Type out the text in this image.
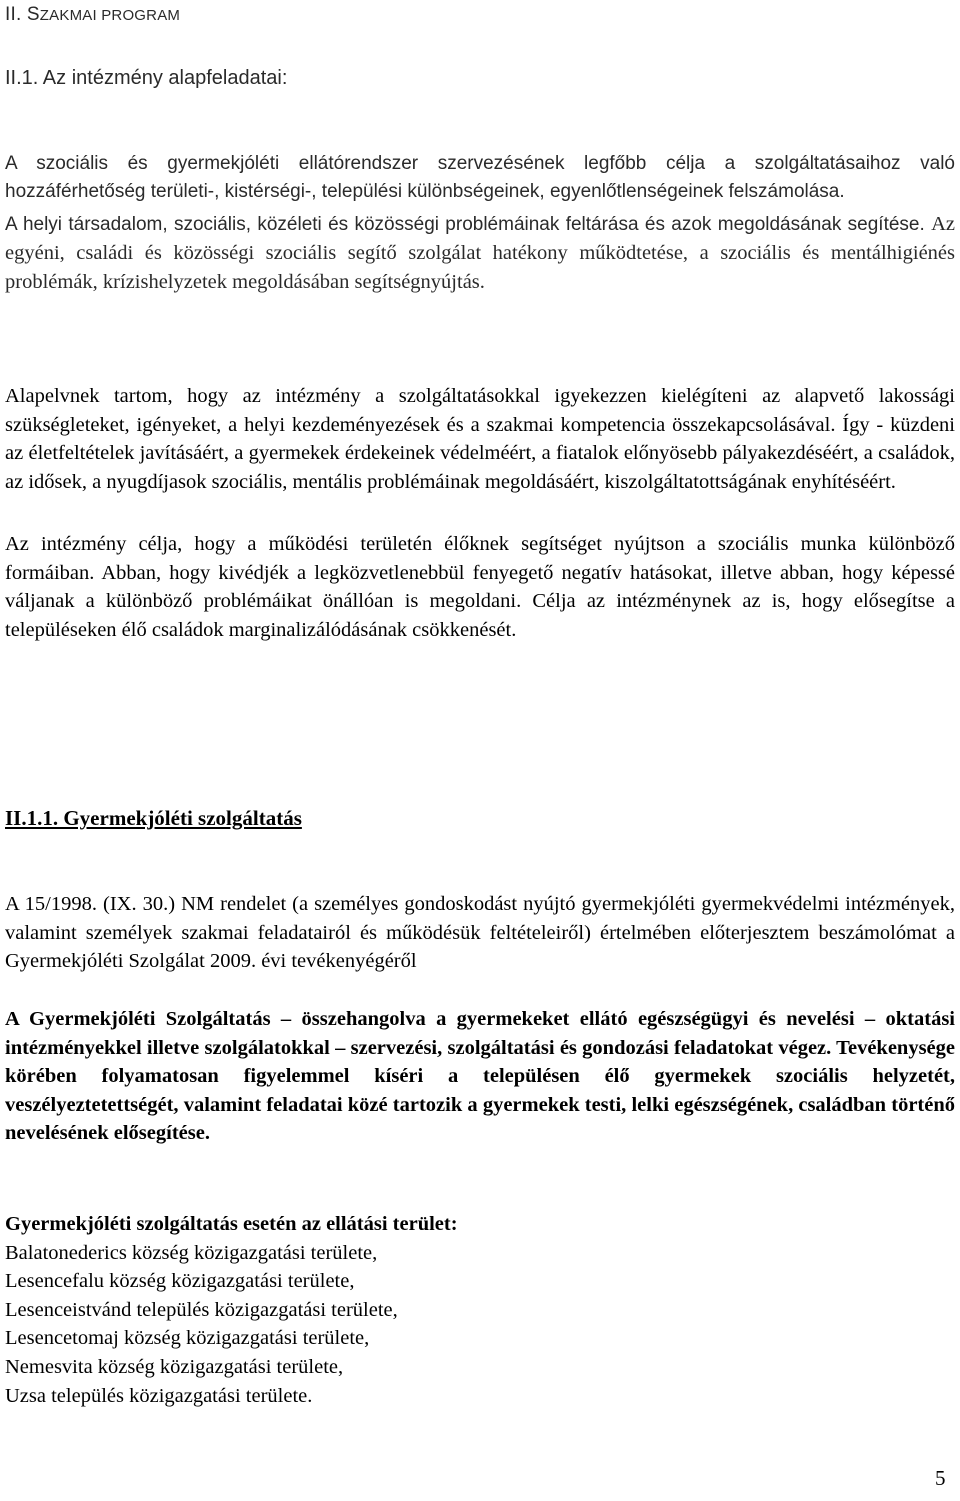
II. SZAKMAI PROGRAM

II.1. Az intézmény alapfeladatai:

A szociális és gyermekjóléti ellátórendszer szervezésének legfőbb célja a szolgáltatásaihoz való hozzáférhetőség területi-, kistérségi-, települési különbségeinek, egyenlőtlenségeinek felszámolása.

A helyi társadalom, szociális, közéleti és közösségi problémáinak feltárása és azok megoldásának segítése. Az egyéni, családi és közösségi szociális segítő szolgálat hatékony működtetése, a szociális és mentálhigiénés problémák, krízishelyzetek megoldásában segítségnyújtás.

Alapelvnek tartom, hogy az intézmény a szolgáltatásokkal igyekezzen kielégíteni az alapvető lakossági szükségleteket, igényeket, a helyi kezdeményezések és a szakmai kompetencia összekapcsolásával. Így - küzdeni az életfeltételek javításáért, a gyermekek érdekeinek védelméért, a fiatalok előnyösebb pályakezdéséért, a családok, az idősek, a nyugdíjasok szociális, mentális problémáinak megoldásáért, kiszolgáltatottságának enyhítéséért.

Az intézmény célja, hogy a működési területén élőknek segítséget nyújtson a szociális munka különböző formáiban. Abban, hogy kivédjék a legközvetlenebbül fenyegető negatív hatásokat, illetve abban, hogy képessé váljanak a különböző problémáikat önállóan is megoldani. Célja az intézménynek az is, hogy elősegítse a településeken élő családok marginalizálódásának csökkenését.

II.1.1. Gyermekjóléti szolgáltatás

A 15/1998. (IX. 30.) NM rendelet (a személyes gondoskodást nyújtó gyermekjóléti gyermekvédelmi intézmények, valamint személyek szakmai feladatairól és működésük feltételeiről) értelmében előterjesztem beszámolómat a Gyermekjóléti Szolgálat 2009. évi tevékenyégéről

A Gyermekjóléti Szolgáltatás – összehangolva a gyermekeket ellátó egészségügyi és nevelési – oktatási intézményekkel illetve szolgálatokkal – szervezési, szolgáltatási és gondozási feladatokat végez. Tevékenysége körében folyamatosan figyelemmel kíséri a településen élő gyermekek szociális helyzetét, veszélyeztetettségét, valamint feladatai közé tartozik a gyermekek testi, lelki egészségének, családban történő nevelésének elősegítése.

Gyermekjóléti szolgáltatás esetén az ellátási terület:
Balatonederics község közigazgatási területe,
Lesencefalu község közigazgatási területe,
Lesenceistvánd település közigazgatási területe,
Lesencetomaj község közigazgatási területe,
Nemesvita község közigazgatási területe,
Uzsa település közigazgatási területe.
5
